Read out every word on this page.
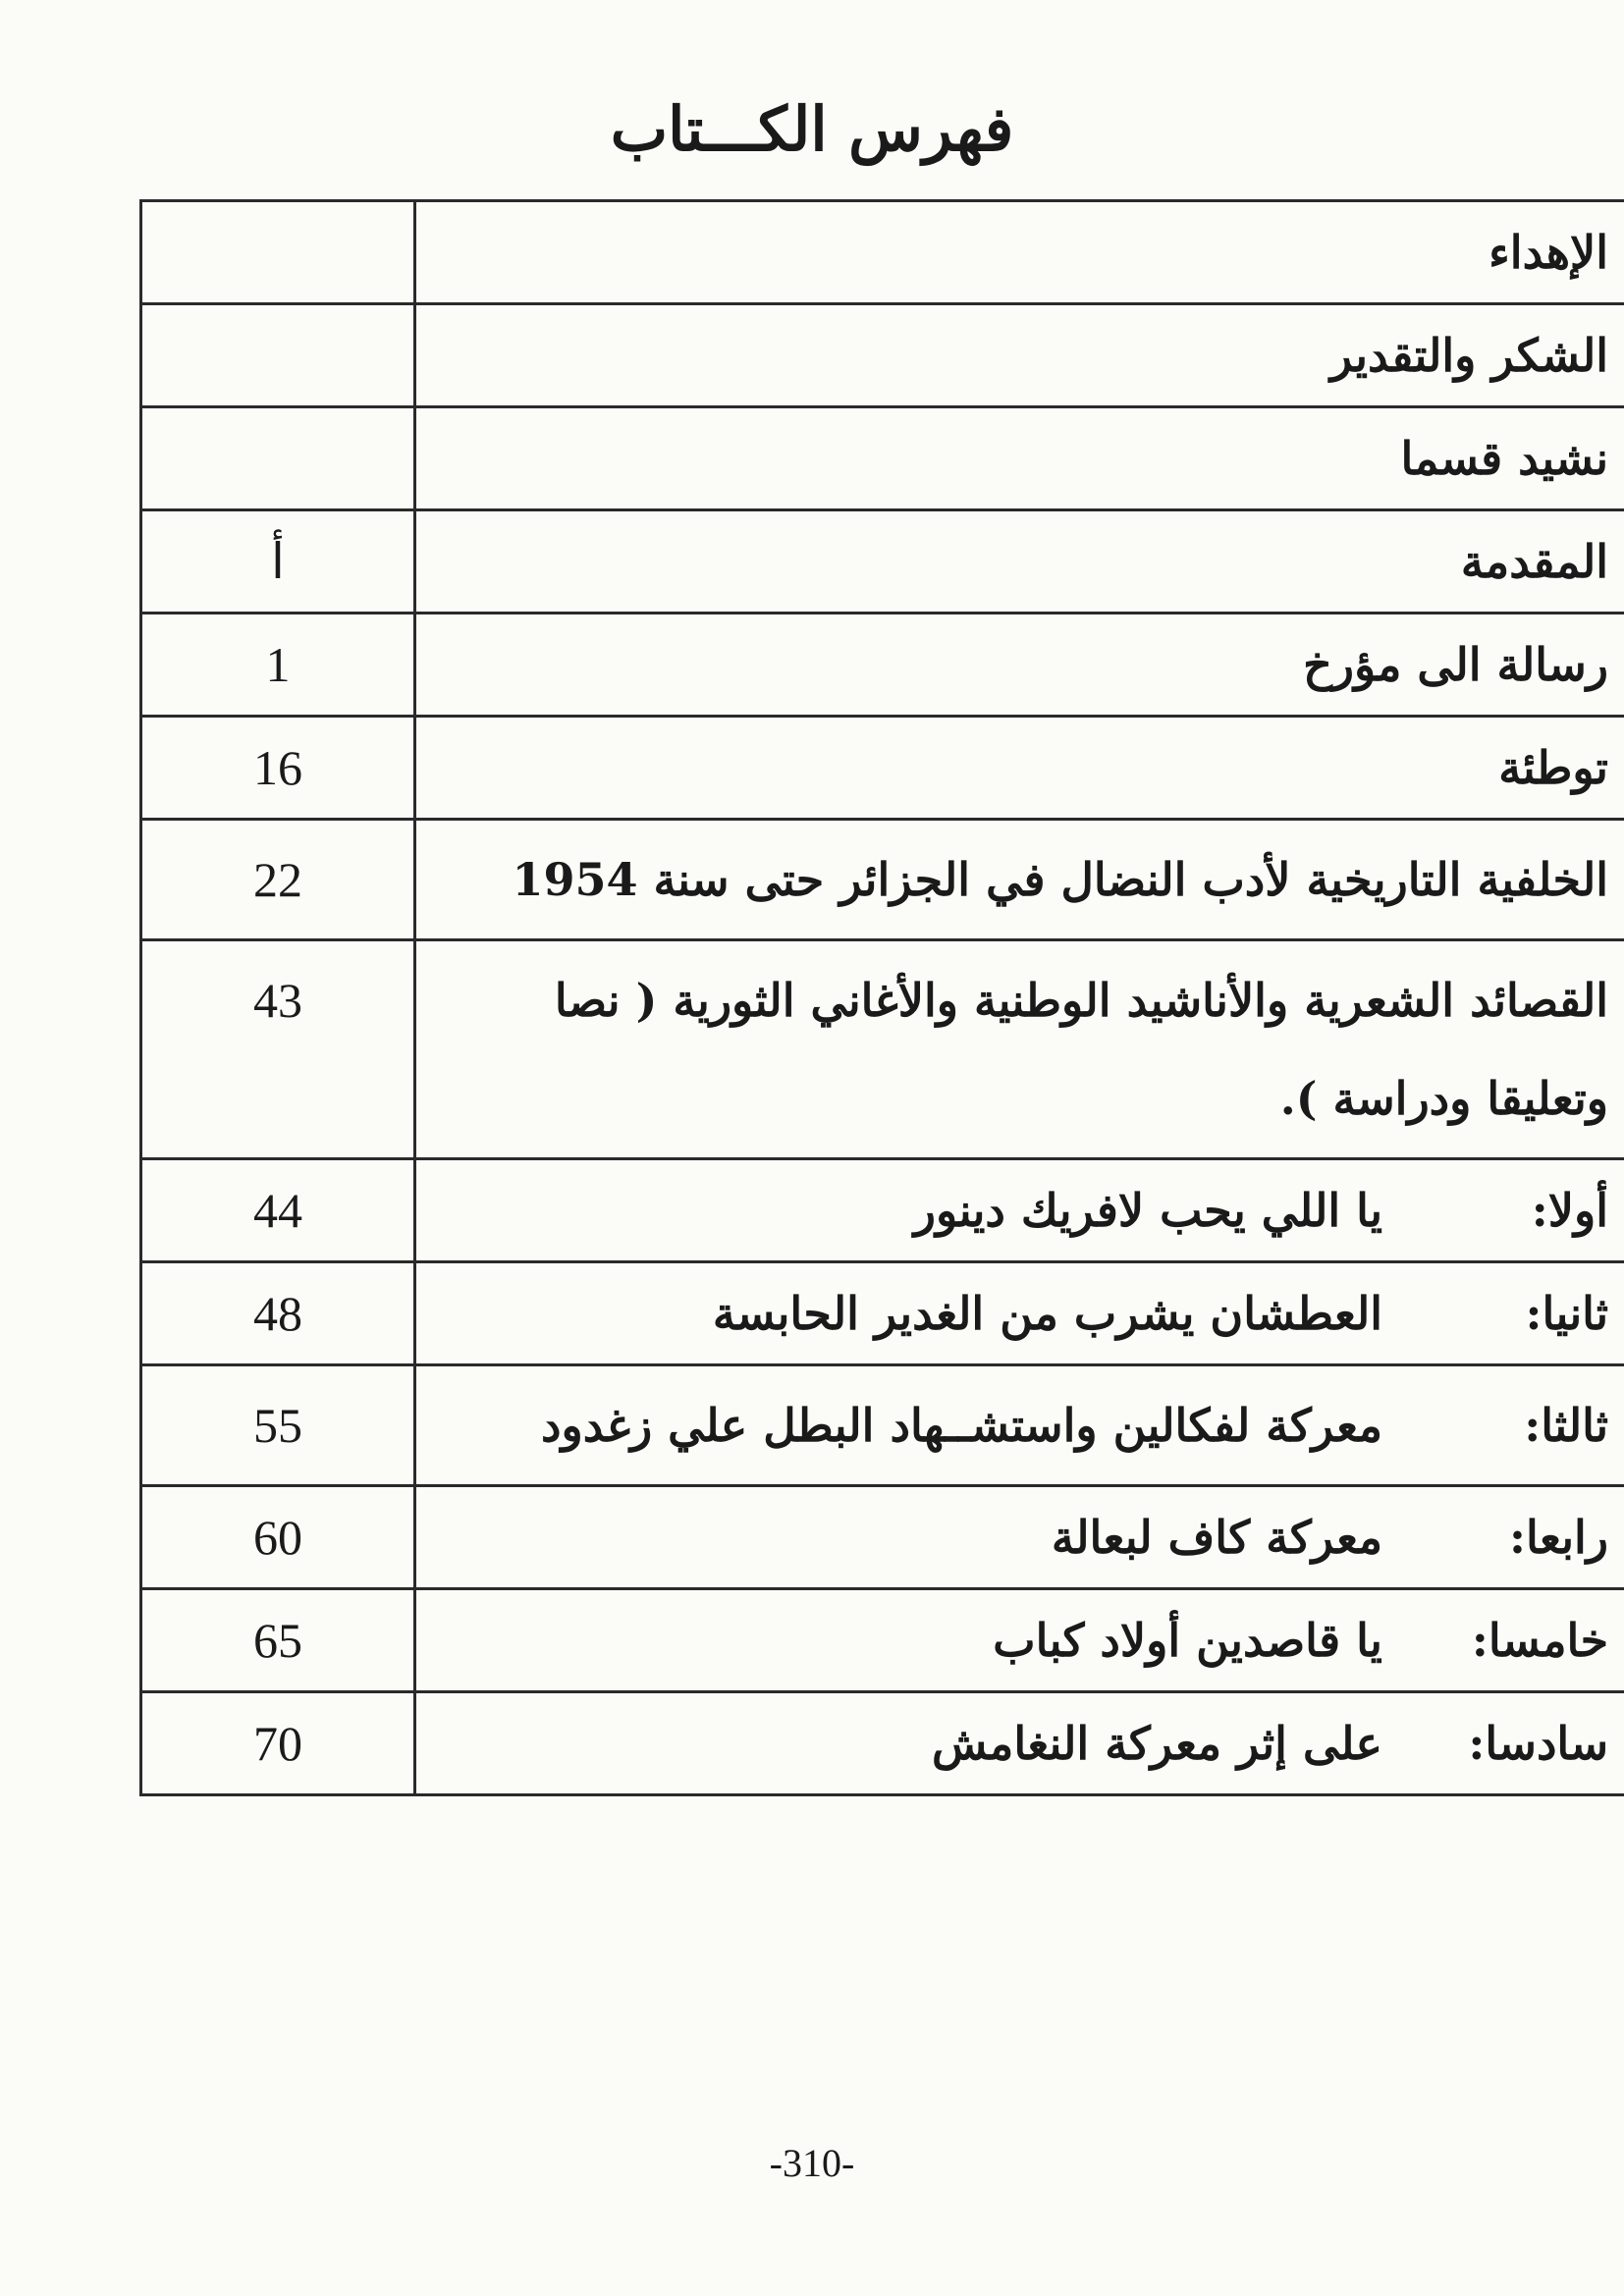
فهرس الكـــتاب
الإهداء	
الشكر والتقدير	
نشيد قسما	
المقدمة	أ
رسالة الى مؤرخ	1
توطئة	16
الخلفية التاريخية لأدب النضال في الجزائر حتى سنة 1954	22
القصائد الشعرية والأناشيد الوطنية والأغاني الثورية ( نصا وتعليقا ودراسة ).	43
أولا:يا اللي يحب لافريك دينور	44
ثانيا:العطشان يشرب من الغدير الحابسة	48
ثالثا:معركة لفكالين واستشــهاد البطل علي زغدود	55
رابعا:معركة كاف لبعالة	60
خامسا:يا قاصدين أولاد كباب	65
سادسا:على إثر معركة النغامش	70
-310-
